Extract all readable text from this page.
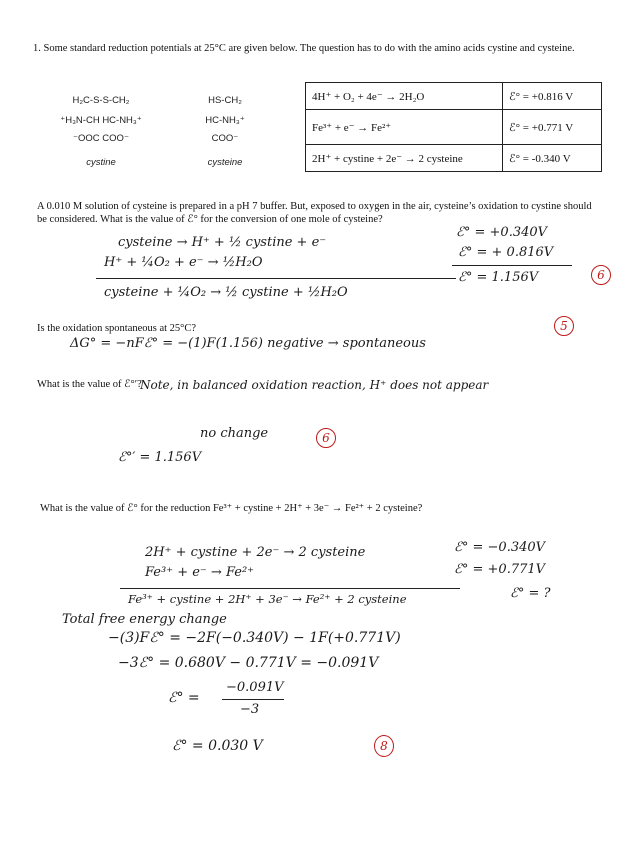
1. Some standard reduction potentials at 25°C are given below. The question has to do with the amino acids cystine and cysteine.
H₂C-S-S-CH₂
⁺H₃N-CH HC-NH₃⁺
⁻OOC COO⁻
cystine
HS-CH₂
HC-NH₃⁺
COO⁻
cysteine
4H⁺ + O₂ + 4e⁻ → 2H₂O	ℰ° = +0.816 V
Fe³⁺ + e⁻ → Fe²⁺	ℰ° = +0.771 V
2H⁺ + cystine + 2e⁻ → 2 cysteine	ℰ° = -0.340 V
A 0.010 M solution of cysteine is prepared in a pH 7 buffer. But, exposed to oxygen in the air, cysteine’s oxidation to cystine should be considered. What is the value of ℰ° for the conversion of one mole of cysteine?
cysteine → H⁺ + ½ cystine + e⁻
H⁺ + ¼O₂ + e⁻ → ½H₂O
cysteine + ¼O₂ → ½ cystine + ½H₂O
ℰ° = +0.340V
ℰ° = + 0.816V
ℰ° = 1.156V	6
Is the oxidation spontaneous at 25°C?
ΔG° = −nFℰ° = −(1)F(1.156) negative → spontaneous
5
What is the value of ℰ°′?
Note, in balanced oxidation reaction, H⁺ does not appear
no change
ℰ°′ = 1.156V
6
What is the value of ℰ° for the reduction Fe³⁺ + cystine + 2H⁺ + 3e⁻ → Fe²⁺ + 2 cysteine?
2H⁺ + cystine + 2e⁻ → 2 cysteine	ℰ° = −0.340V
Fe³⁺ + e⁻ → Fe²⁺	ℰ° = +0.771V
Fe³⁺ + cystine + 2H⁺ + 3e⁻ → Fe²⁺ + 2 cysteine	ℰ° = ?
Total free energy change
−(3)Fℰ° = −2F(−0.340V) − 1F(+0.771V)
−3ℰ° = 0.680V − 0.771V = −0.091V
ℰ° =
−0.091V
−3
ℰ° = 0.030 V	8
